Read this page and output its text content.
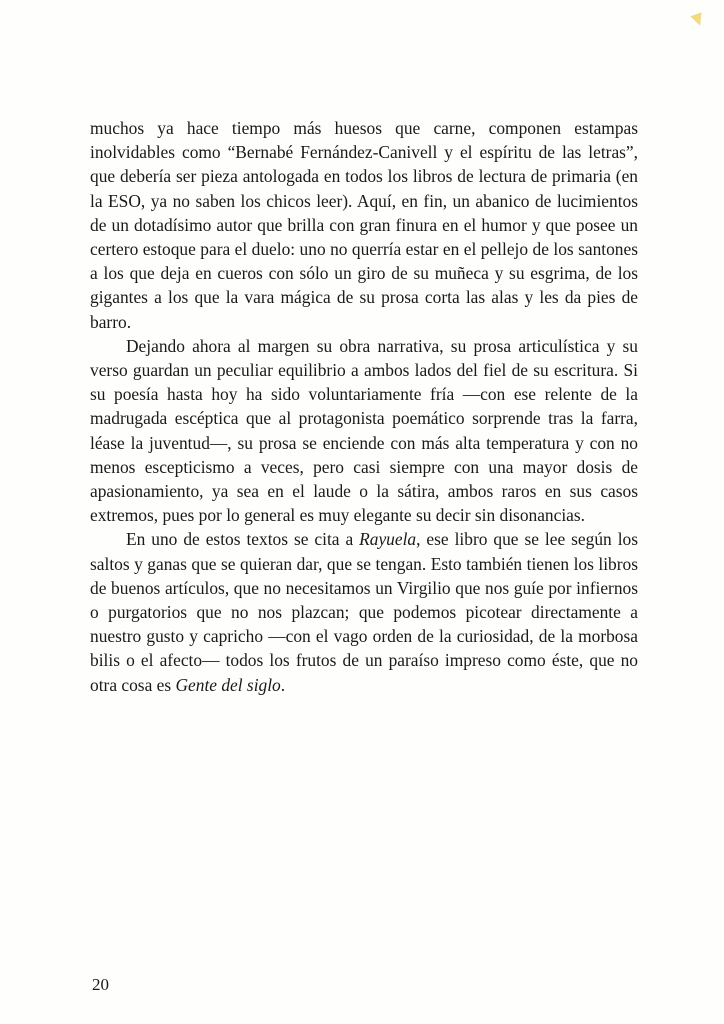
muchos ya hace tiempo más huesos que carne, componen estampas inolvidables como “Bernabé Fernández-Canivell y el espíritu de las letras”, que debería ser pieza antologada en todos los libros de lectura de primaria (en la ESO, ya no saben los chicos leer). Aquí, en fin, un abanico de lucimientos de un dotadísimo autor que brilla con gran finura en el humor y que posee un certero estoque para el duelo: uno no querría estar en el pellejo de los santones a los que deja en cueros con sólo un giro de su muñeca y su esgrima, de los gigantes a los que la vara mágica de su prosa corta las alas y les da pies de barro.

Dejando ahora al margen su obra narrativa, su prosa articulística y su verso guardan un peculiar equilibrio a ambos lados del fiel de su escritura. Si su poesía hasta hoy ha sido voluntariamente fría —con ese relente de la madrugada escéptica que al protagonista poemático sorprende tras la farra, léase la juventud—, su prosa se enciende con más alta temperatura y con no menos escepticismo a veces, pero casi siempre con una mayor dosis de apasionamiento, ya sea en el laude o la sátira, ambos raros en sus casos extremos, pues por lo general es muy elegante su decir sin disonancias.

En uno de estos textos se cita a Rayuela, ese libro que se lee según los saltos y ganas que se quieran dar, que se tengan. Esto también tienen los libros de buenos artículos, que no necesitamos un Virgilio que nos guíe por infiernos o purgatorios que no nos plazcan; que podemos picotear directamente a nuestro gusto y capricho —con el vago orden de la curiosidad, de la morbosa bilis o el afecto— todos los frutos de un paraíso impreso como éste, que no otra cosa es Gente del siglo.

20
